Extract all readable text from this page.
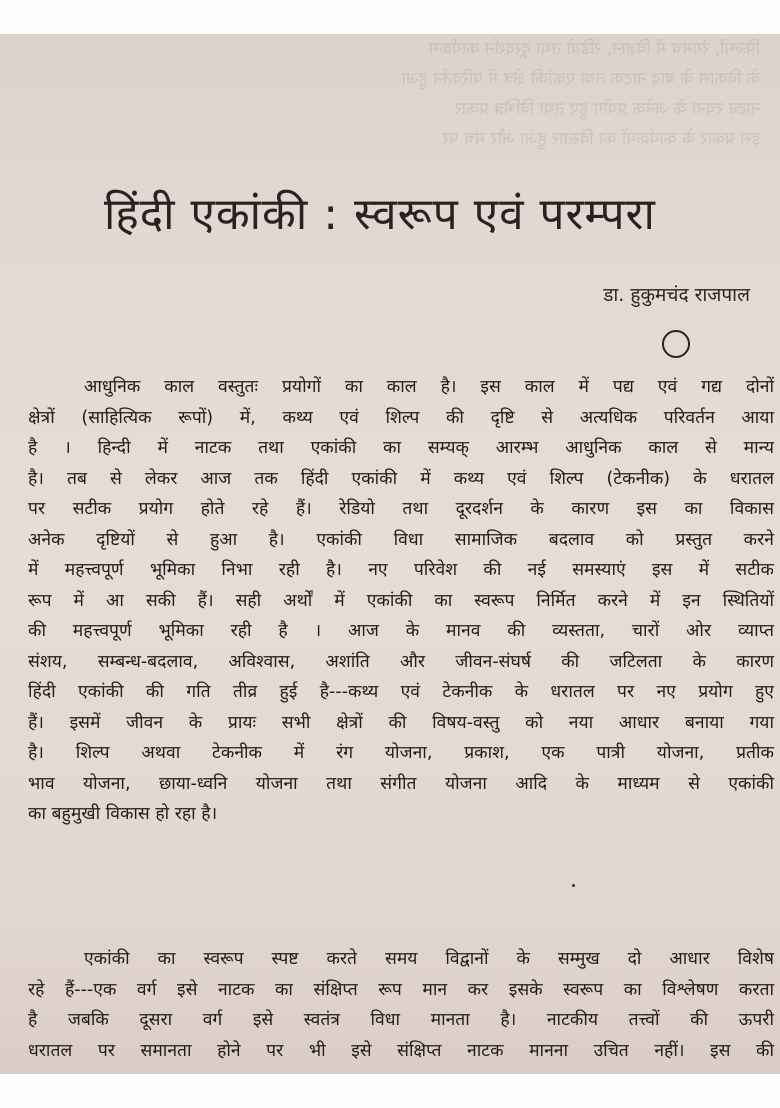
फ़िल्मों, रंगमंच में विज्ञान, रेडियो तथा दूरदर्शन कार्यक्रम
के विकास के बाद नाटक तथा एकांकी क्षेत्र में परिवर्तन हुआ
नाट्य रचना के अनेक प्रयोग हुए तथा विभिन्न प्रकार
इस प्रकार के कार्यक्रमों का विस्तार हुआ और मंच पर
हिंदी एकांकी : स्वरूप एवं परम्परा
डा. हुकुमचंद राजपाल
आधुनिक काल वस्तुतः प्रयोगों का काल है। इस काल में पद्य एवं गद्य दोनों
क्षेत्रों (साहित्यिक रूपों) में, कथ्य एवं शिल्प की दृष्टि से अत्यधिक परिवर्तन आया
है । हिन्दी में नाटक तथा एकांकी का सम्यक् आरम्भ आधुनिक काल से मान्य
है। तब से लेकर आज तक हिंदी एकांकी में कथ्य एवं शिल्प (टेकनीक) के धरातल
पर सटीक प्रयोग होते रहे हैं। रेडियो तथा दूरदर्शन के कारण इस का विकास
अनेक दृष्टियों से हुआ है। एकांकी विधा सामाजिक बदलाव को प्रस्तुत करने
में महत्त्वपूर्ण भूमिका निभा रही है। नए परिवेश की नई समस्याएं इस में सटीक
रूप में आ सकी हैं। सही अर्थों में एकांकी का स्वरूप निर्मित करने में इन स्थितियों
की महत्त्वपूर्ण भूमिका रही है । आज के मानव की व्यस्तता, चारों ओर व्याप्त
संशय, सम्बन्ध-बदलाव, अविश्वास, अशांति और जीवन-संघर्ष की जटिलता के कारण
हिंदी एकांकी की गति तीव्र हुई है---कथ्य एवं टेकनीक के धरातल पर नए प्रयोग हुए
हैं। इसमें जीवन के प्रायः सभी क्षेत्रों की विषय-वस्तु को नया आधार बनाया गया
है। शिल्प अथवा टेकनीक में रंग योजना, प्रकाश, एक पात्री योजना, प्रतीक
भाव योजना, छाया-ध्वनि योजना तथा संगीत योजना आदि के माध्यम से एकांकी
का बहुमुखी विकास हो रहा है।
एकांकी का स्वरूप स्पष्ट करते समय विद्वानों के सम्मुख दो आधार विशेष
रहे हैं---एक वर्ग इसे नाटक का संक्षिप्त रूप मान कर इसके स्वरूप का विश्लेषण करता
है जबकि दूसरा वर्ग इसे स्वतंत्र विधा मानता है। नाटकीय तत्त्वों की ऊपरी
धरातल पर समानता होने पर भी इसे संक्षिप्त नाटक मानना उचित नहीं। इस की
